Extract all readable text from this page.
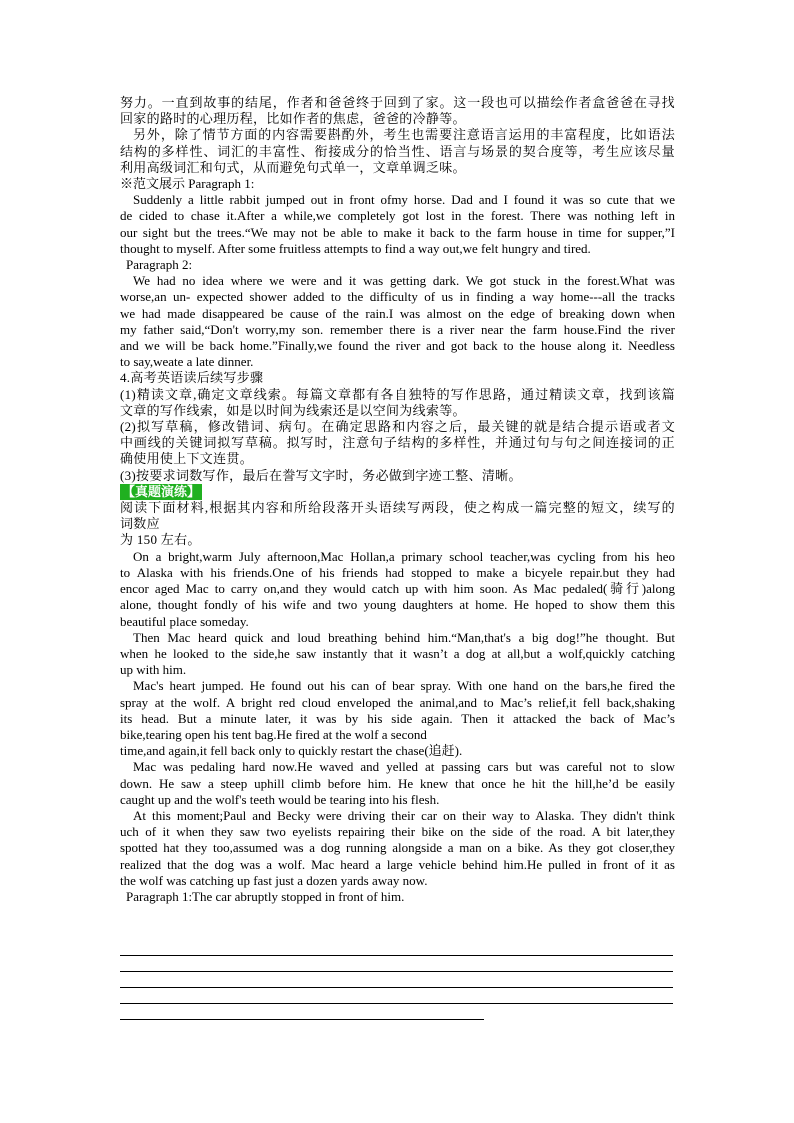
努力。一直到故事的结尾，作者和爸爸终于回到了家。这一段也可以描绘作者盒爸爸在寻找
回家的路时的心理历程，比如作者的焦虑，爸爸的冷静等。
另外，除了情节方面的内容需要斟酌外，考生也需要注意语言运用的丰富程度，比如语法
结构的多样性、词汇的丰富性、衔接成分的恰当性、语言与场景的契合度等，考生应该尽量
利用高级词汇和句式，从而避免句式单一，文章单调乏味。
※范文展示 Paragraph 1:
Suddenly a little rabbit jumped out in front ofmy horse. Dad and I found it was so cute that we
de cided to chase it.After a while,we completely got lost in the forest. There was nothing left in
our sight but the trees.“We may not be able to make it back to the farm house in time for supper,”I
thought to myself. After some fruitless attempts to find a way out,we felt hungry and tired.
Paragraph 2:
We had no idea where we were and it was getting dark. We got stuck in the forest.What was
worse,an un- expected shower added to the difficulty of us in finding a way home---all the tracks
we had made disappeared be cause of the rain.I was almost on the edge of breaking down when
my father said,“Don't worry,my son. remember there is a river near the farm house.Find the river
and we will be back home.”Finally,we found the river and got back to the house along it. Needless
to say,weate a late dinner.
4.高考英语读后续写步骤
(1)精读文章,确定文章线索。每篇文章都有各自独特的写作思路，通过精读文章，找到该篇
文章的写作线索，如是以时间为线索还是以空间为线索等。
(2)拟写草稿，修改错词、病句。在确定思路和内容之后，最关键的就是结合提示语或者文
中画线的关键词拟写草稿。拟写时，注意句子结构的多样性，并通过句与句之间连接词的正
确使用使上下文连贯。
(3)按要求词数写作，最后在誊写文字时，务必做到字迹工整、清晰。
【真题演练】
阅读下面材料,根据其内容和所给段落开头语续写两段，使之构成一篇完整的短文，续写的
词数应
为 150 左右。
On a bright,warm July afternoon,Mac Hollan,a primary school teacher,was cycling from his heo
to Alaska with his friends.One of his friends had stopped to make a bicyele repair.but they had
encor aged Mac to carry on,and they would catch up with him soon. As Mac pedaled(骑行)along
alone, thought fondly of his wife and two young daughters at home. He hoped to show them this
beautiful place someday.
Then Mac heard quick and loud breathing behind him.“Man,that's a big dog!”he thought. But
when he looked to the side,he saw instantly that it wasn’t a dog at all,but a wolf,quickly catching
up with him.
Mac's heart jumped. He found out his can of bear spray. With one hand on the bars,he fired the
spray at the wolf. A bright red cloud enveloped the animal,and to Mac’s relief,it fell back,shaking
its head. But a minute later, it was by his side again. Then it attacked the back of Mac’s
bike,tearing open his tent bag.He fired at the wolf a second
time,and again,it fell back only to quickly restart the chase(追赶).
Mac was pedaling hard now.He waved and yelled at passing cars but was careful not to slow
down. He saw a steep uphill climb before him. He knew that once he hit the hill,he’d be easily
caught up and the wolf's teeth would be tearing into his flesh.
At this moment;Paul and Becky were driving their car on their way to Alaska. They didn't think
uch of it when they saw two eyelists repairing their bike on the side of the road. A bit later,they
spotted hat they too,assumed was a dog running alongside a man on a bike. As they got closer,they
realized that the dog was a wolf. Mac heard a large vehicle behind him.He pulled in front of it as
the wolf was catching up fast just a dozen yards away now.
Paragraph 1:The car abruptly stopped in front of him.
